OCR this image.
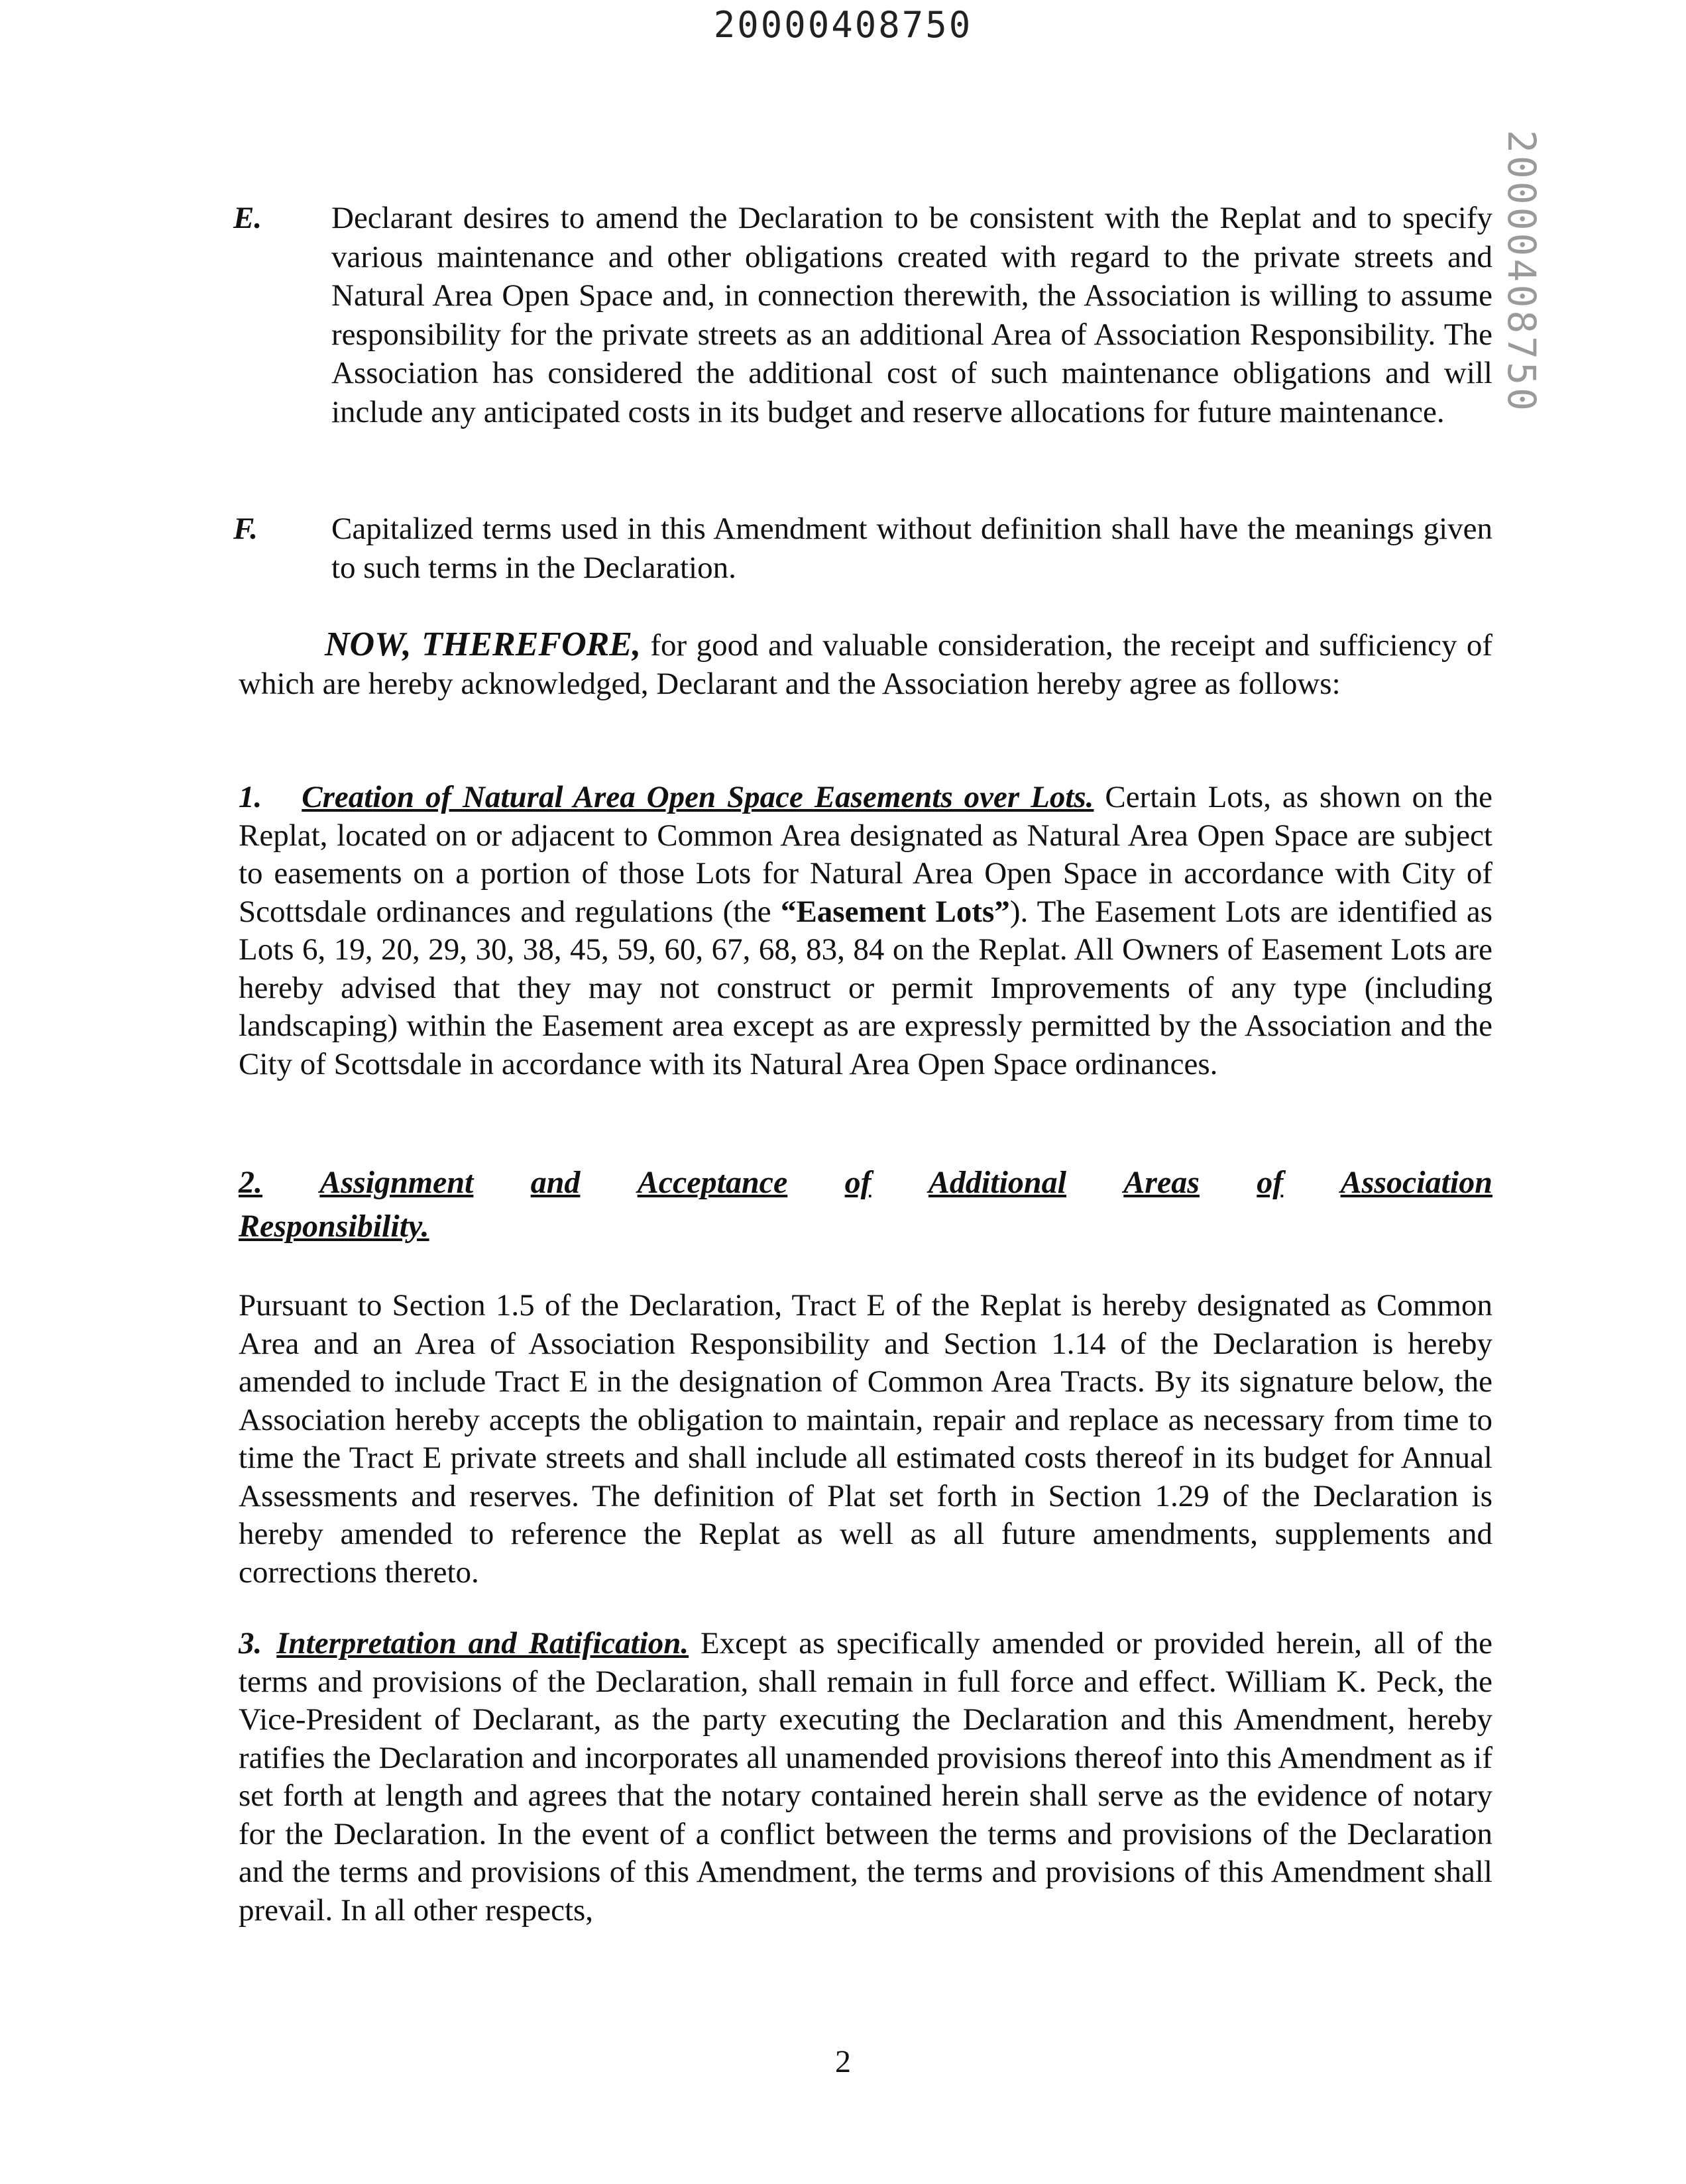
20000408750
20000408750
E. Declarant desires to amend the Declaration to be consistent with the Replat and to specify various maintenance and other obligations created with regard to the private streets and Natural Area Open Space and, in connection therewith, the Association is willing to assume responsibility for the private streets as an additional Area of Association Responsibility. The Association has considered the additional cost of such maintenance obligations and will include any anticipated costs in its budget and reserve allocations for future maintenance.
F. Capitalized terms used in this Amendment without definition shall have the meanings given to such terms in the Declaration.
NOW, THEREFORE, for good and valuable consideration, the receipt and sufficiency of which are hereby acknowledged, Declarant and the Association hereby agree as follows:
1. Creation of Natural Area Open Space Easements over Lots. Certain Lots, as shown on the Replat, located on or adjacent to Common Area designated as Natural Area Open Space are subject to easements on a portion of those Lots for Natural Area Open Space in accordance with City of Scottsdale ordinances and regulations (the “Easement Lots”). The Easement Lots are identified as Lots 6, 19, 20, 29, 30, 38, 45, 59, 60, 67, 68, 83, 84 on the Replat. All Owners of Easement Lots are hereby advised that they may not construct or permit Improvements of any type (including landscaping) within the Easement area except as are expressly permitted by the Association and the City of Scottsdale in accordance with its Natural Area Open Space ordinances.
2. Assignment and Acceptance of Additional Areas of Association
Responsibility.
Pursuant to Section 1.5 of the Declaration, Tract E of the Replat is hereby designated as Common Area and an Area of Association Responsibility and Section 1.14 of the Declaration is hereby amended to include Tract E in the designation of Common Area Tracts. By its signature below, the Association hereby accepts the obligation to maintain, repair and replace as necessary from time to time the Tract E private streets and shall include all estimated costs thereof in its budget for Annual Assessments and reserves. The definition of Plat set forth in Section 1.29 of the Declaration is hereby amended to reference the Replat as well as all future amendments, supplements and corrections thereto.
3. Interpretation and Ratification. Except as specifically amended or provided herein, all of the terms and provisions of the Declaration, shall remain in full force and effect. William K. Peck, the Vice-President of Declarant, as the party executing the Declaration and this Amendment, hereby ratifies the Declaration and incorporates all unamended provisions thereof into this Amendment as if set forth at length and agrees that the notary contained herein shall serve as the evidence of notary for the Declaration. In the event of a conflict between the terms and provisions of the Declaration and the terms and provisions of this Amendment, the terms and provisions of this Amendment shall prevail. In all other respects,
2
